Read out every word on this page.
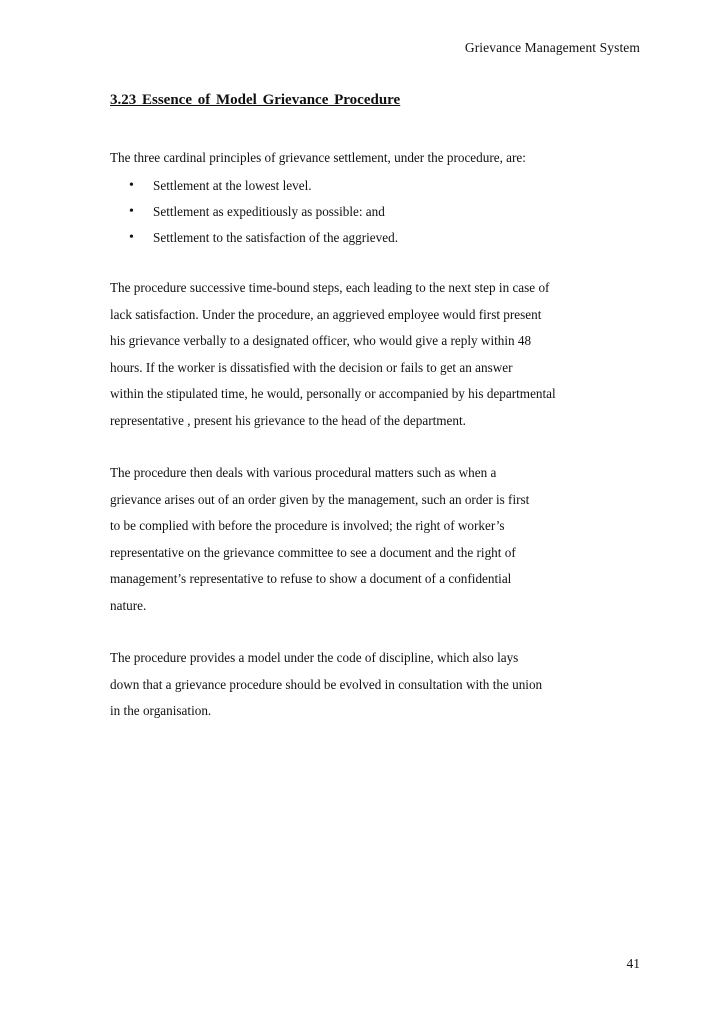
Grievance Management System
3.23 Essence of Model Grievance Procedure

The three cardinal principles of grievance settlement, under the procedure, are:

• Settlement at the lowest level.
• Settlement as expeditiously as possible: and
• Settlement to the satisfaction of the aggrieved.

The procedure successive time-bound steps, each leading to the next step in case of
lack satisfaction. Under the procedure, an aggrieved employee would first present
his grievance verbally to a designated officer, who would give a reply within 48
hours. If the worker is dissatisfied with the decision or fails to get an answer
within the stipulated time, he would, personally or accompanied by his departmental
representative , present his grievance to the head of the department.

The procedure then deals with various procedural matters such as when a
grievance arises out of an order given by the management, such an order is first
to be complied with before the procedure is involved; the right of worker’s
representative on the grievance committee to see a document and the right of
management’s representative to refuse to show a document of a confidential
nature.

The procedure provides a model under the code of discipline, which also lays
down that a grievance procedure should be evolved in consultation with the union
in the organisation.

41
